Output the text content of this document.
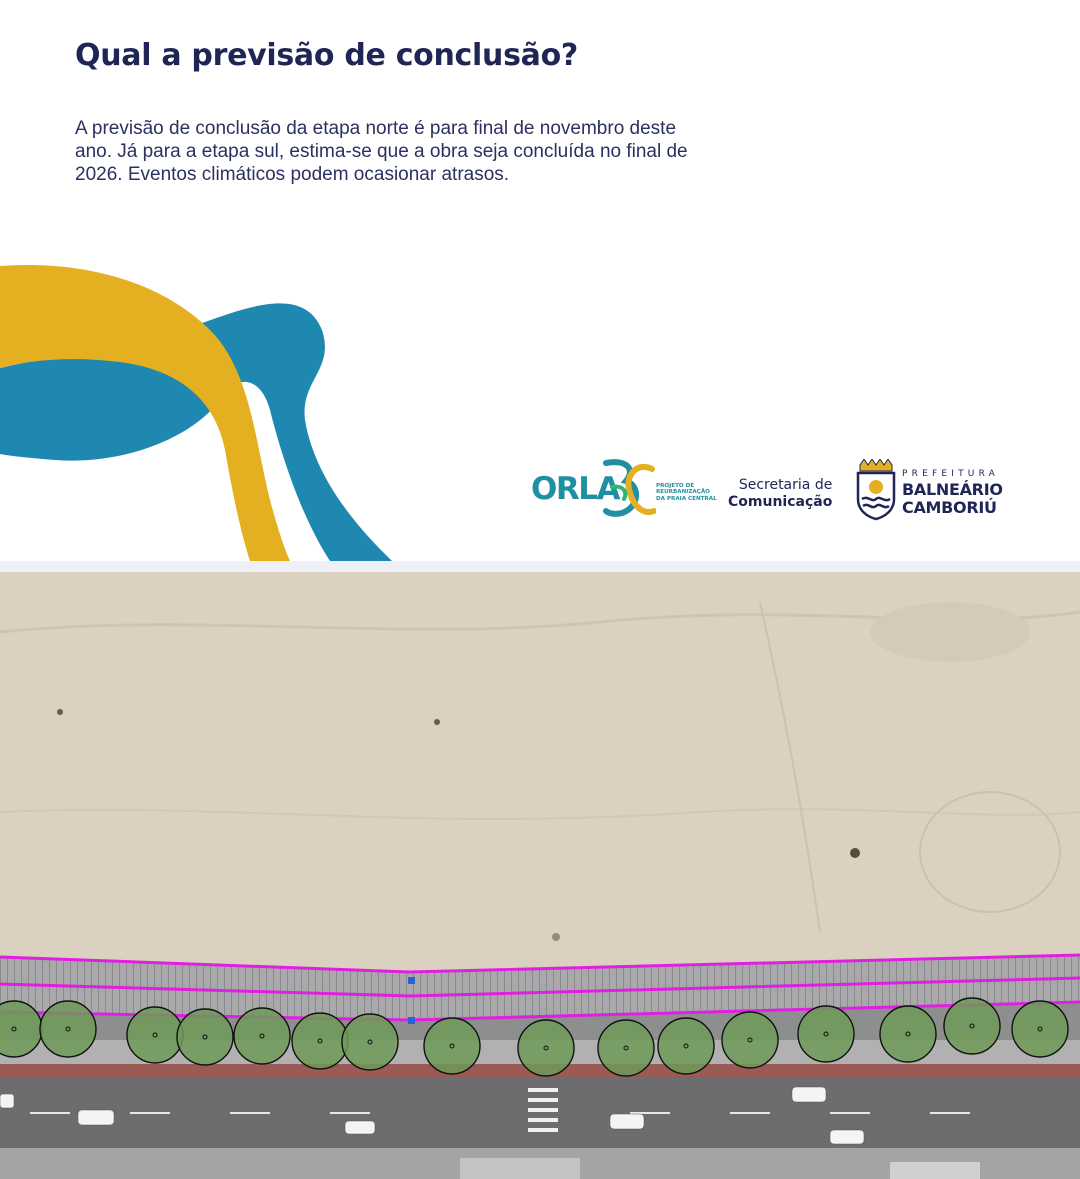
Qual a previsão de conclusão?

A previsão de conclusão da etapa norte é para final de novembro deste ano. Já para a etapa sul, estima-se que a obra seja concluída no final de 2026. Eventos climáticos podem ocasionar atrasos.

ORLA	PROJETO DE
REURBANIZAÇÃO
DA PRAIA CENTRAL
Secretaria de
Comunicação
PREFEITURA
BALNEÁRIO
CAMBORIÚ
